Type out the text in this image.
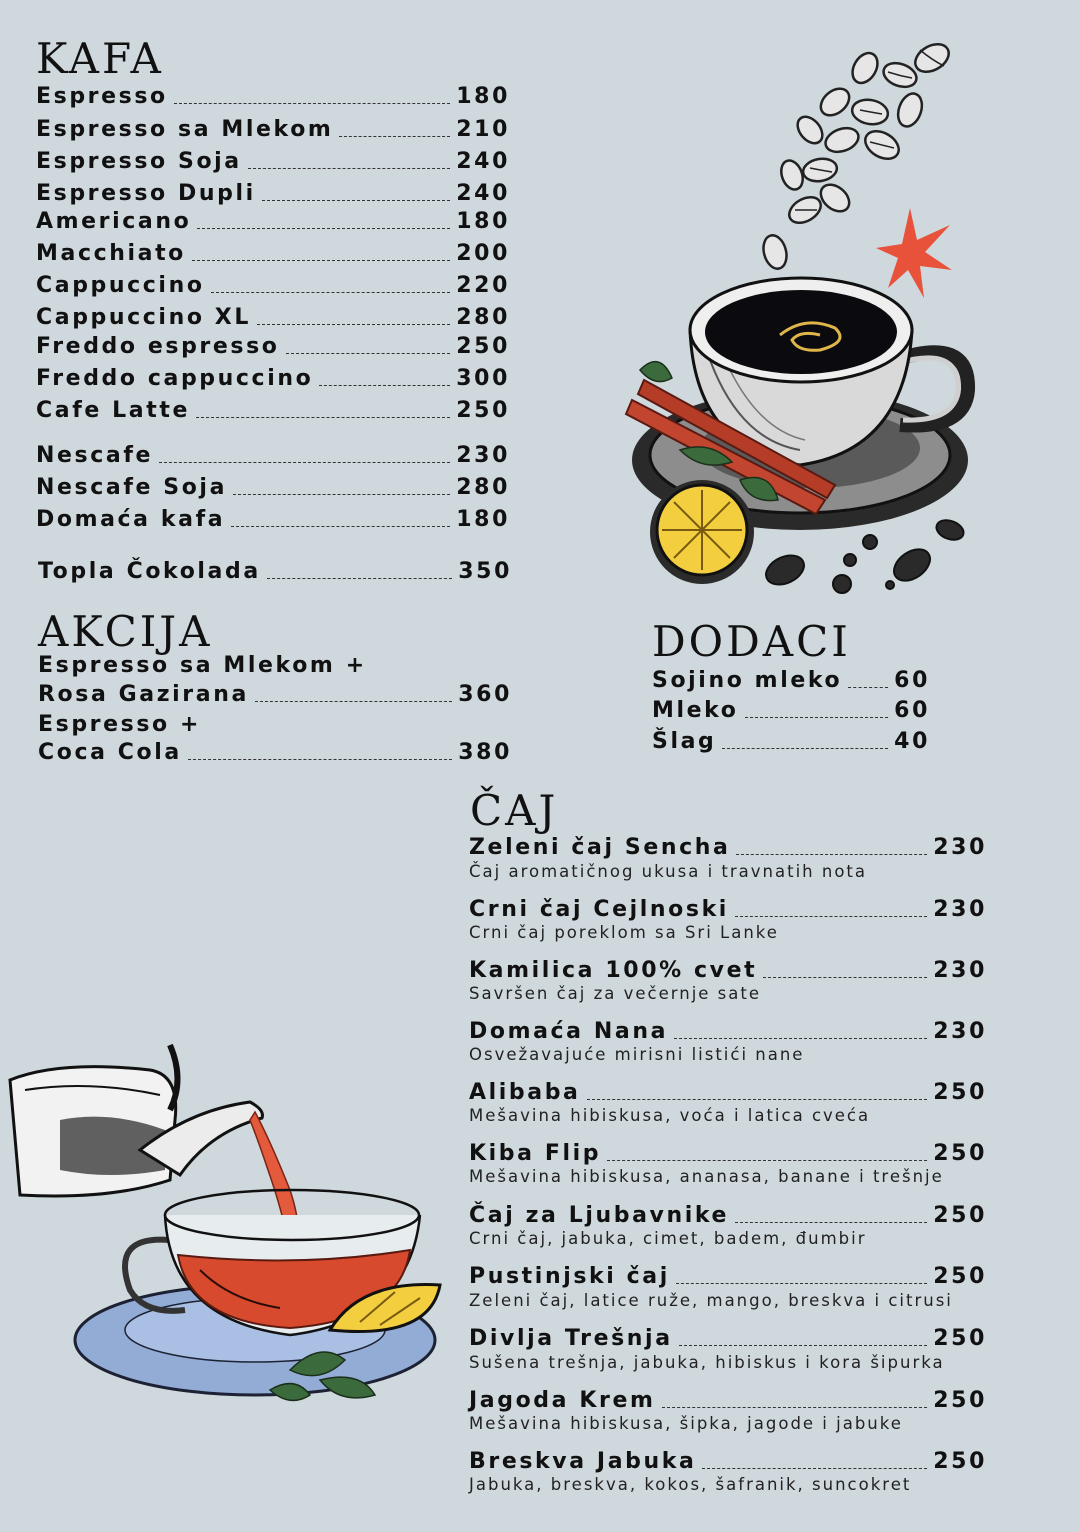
KAFA
Espresso	180
Espresso sa Mlekom	210
Espresso Soja	240
Espresso Dupli	240
Americano	180
Macchiato	200
Cappuccino	220
Cappuccino XL	280
Freddo espresso	250
Freddo cappuccino	300
Cafe Latte	250
Nescafe	230
Nescafe Soja	280
Domaća kafa	180
Topla Čokolada	350
AKCIJA
Espresso sa Mlekom +
Rosa Gazirana	360
Espresso +
Coca Cola	380
DODACI
Sojino mleko 60
Mleko	60
Šlag	40
ČAJ
Zeleni čaj Sencha	230
Čaj aromatičnog ukusa i travnatih nota
Crni čaj Cejlnoski	230
Crni čaj poreklom sa Sri Lanke
Kamilica 100% cvet	230
Savršen čaj za večernje sate
Domaća Nana	230
Osvežavajuće mirisni listići nane
Alibaba	250
Mešavina hibiskusa, voća i latica cveća
Kiba Flip	250
Mešavina hibiskusa, ananasa, banane i trešnje
Čaj za Ljubavnike	250
Crni čaj, jabuka, cimet, badem, đumbir
Pustinjski čaj	250
Zeleni čaj, latice ruže, mango, breskva i citrusi
Divlja Trešnja	250
Sušena trešnja, jabuka, hibiskus i kora šipurka
Jagoda Krem	250
Mešavina hibiskusa, šipka, jagode i jabuke
Breskva Jabuka	250
Jabuka, breskva, kokos, šafranik, suncokret
